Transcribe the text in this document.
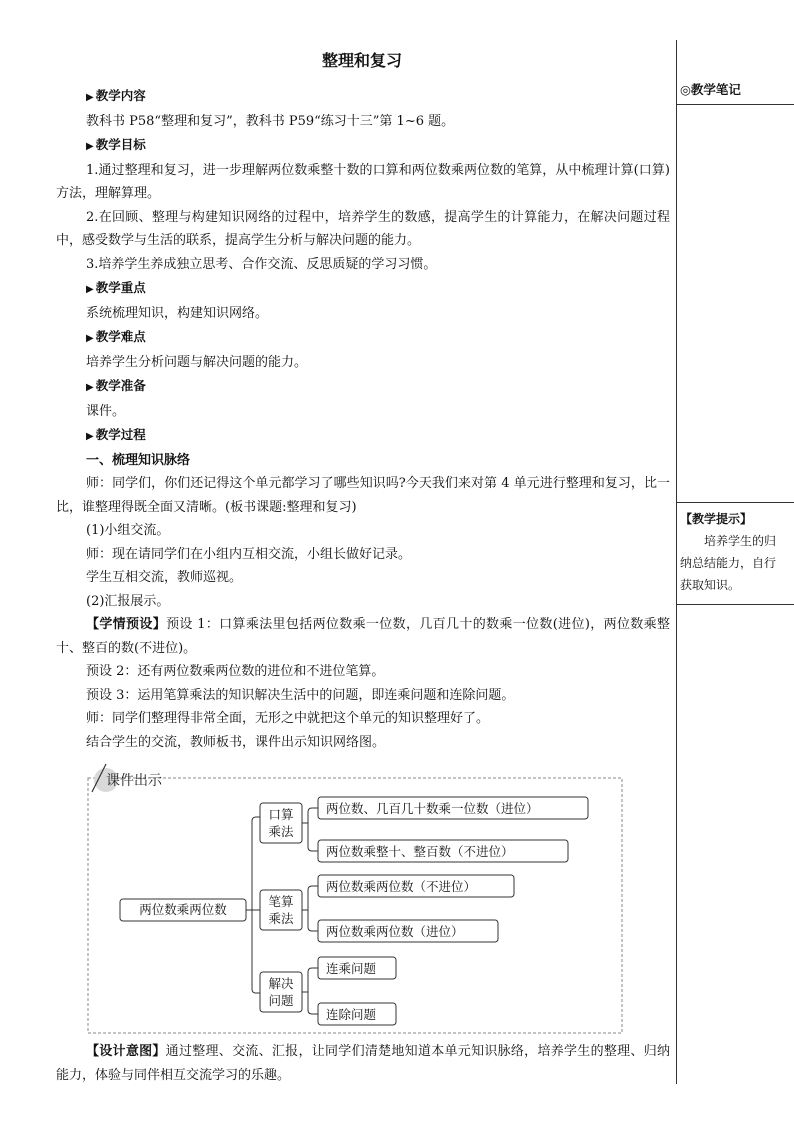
◎教学笔记

【教学提示】

培养学生的归纳总结能力，自行获取知识。

整理和复习

▶ 教学内容

教科书 P58“整理和复习”，教科书 P59“练习十三”第 1~6 题。

▶ 教学目标

1.通过整理和复习，进一步理解两位数乘整十数的口算和两位数乘两位数的笔算，从中梳理计算(口算)方法，理解算理。

2.在回顾、整理与构建知识网络的过程中，培养学生的数感，提高学生的计算能力，在解决问题过程中，感受数学与生活的联系，提高学生分析与解决问题的能力。

3.培养学生养成独立思考、合作交流、反思质疑的学习习惯。

▶ 教学重点

系统梳理知识，构建知识网络。

▶ 教学难点

培养学生分析问题与解决问题的能力。

▶ 教学准备

课件。

▶ 教学过程

一、梳理知识脉络

师：同学们，你们还记得这个单元都学习了哪些知识吗?今天我们来对第 4 单元进行整理和复习，比一比，谁整理得既全面又清晰。(板书课题:整理和复习)

(1)小组交流。

师：现在请同学们在小组内互相交流，小组长做好记录。

学生互相交流，教师巡视。

(2)汇报展示。

【学情预设】预设 1：口算乘法里包括两位数乘一位数，几百几十的数乘一位数(进位)，两位数乘整十、整百的数(不进位)。

预设 2：还有两位数乘两位数的进位和不进位笔算。

预设 3：运用笔算乘法的知识解决生活中的问题，即连乘问题和连除问题。

师：同学们整理得非常全面，无形之中就把这个单元的知识整理好了。

结合学生的交流，教师板书，课件出示知识网络图。

课件出示
两位数乘两位数
口算
乘法
笔算
乘法
解决
问题
两位数、几百几十数乘一位数（进位）
两位数乘整十、整百数（不进位）
两位数乘两位数（不进位）
两位数乘两位数（进位）
连乘问题
连除问题

【设计意图】通过整理、交流、汇报，让同学们清楚地知道本单元知识脉络，培养学生的整理、归纳能力，体验与同伴相互交流学习的乐趣。
